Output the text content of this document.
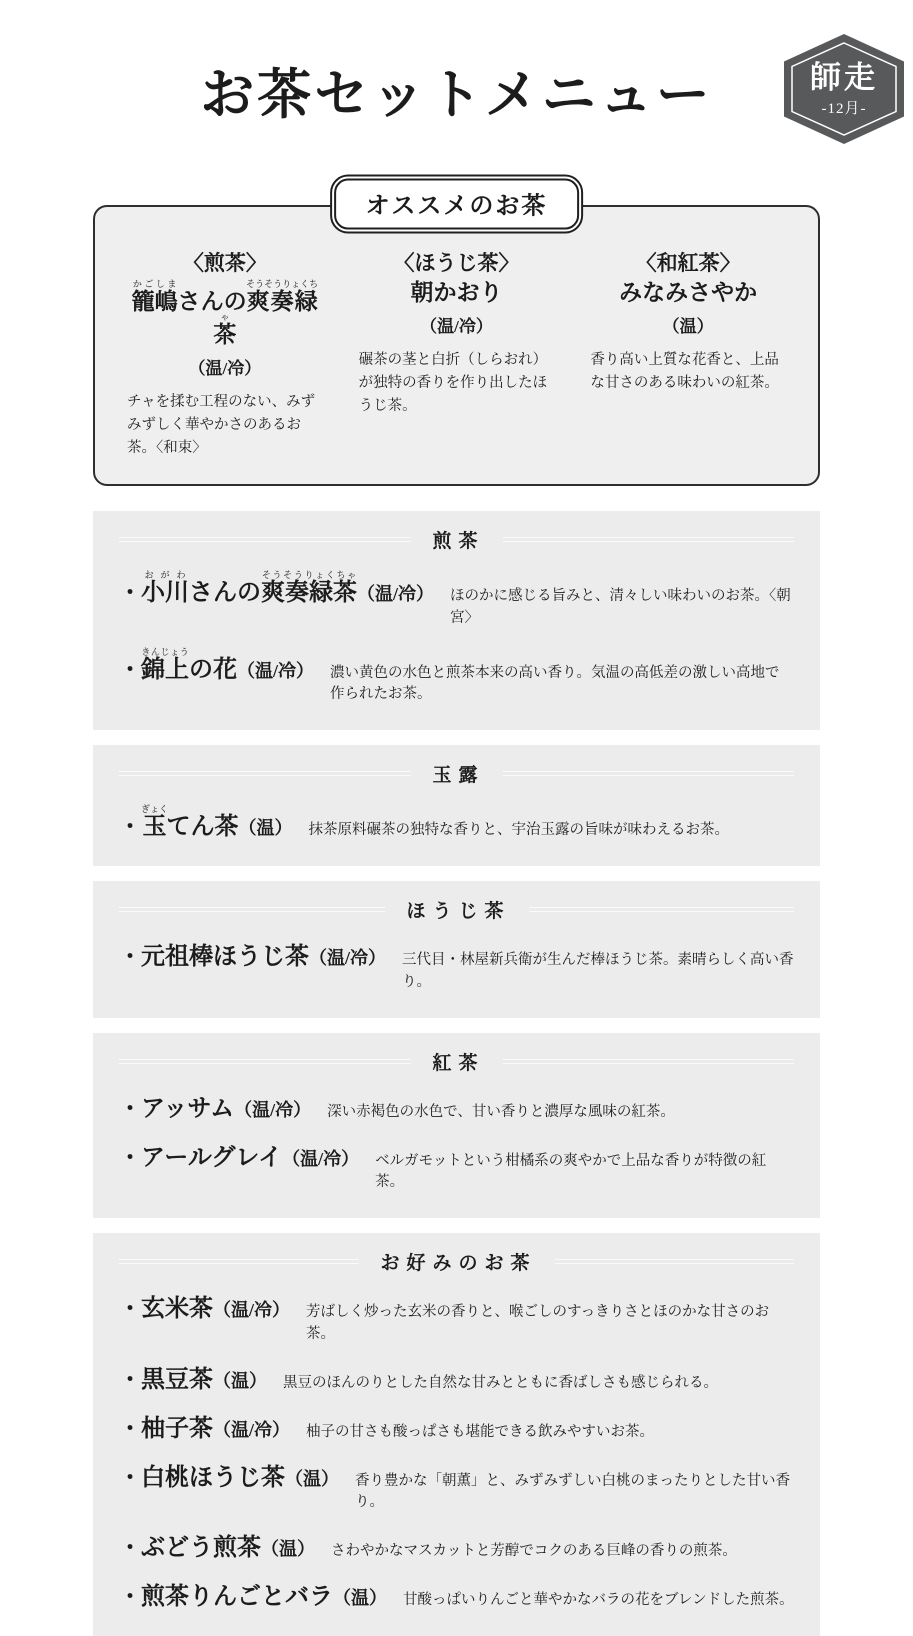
お茶セットメニュー	師走
-12月-
オススメのお茶
〈煎茶〉
籠嶋かごしまさんの爽奏緑茶そうそうりょくちゃ
（温/冷）
チャを揉む工程のない、みずみずしく華やかさのあるお茶。〈和束〉
〈ほうじ茶〉
朝かおり
（温/冷）
碾茶の茎と白折（しらおれ）が独特の香りを作り出したほうじ茶。
〈和紅茶〉
みなみさやか
（温）
香り高い上質な花香と、上品な甘さのある味わいの紅茶。
煎茶
・ 小川おがわさんの爽奏緑茶そうそうりょくちゃ
（温/冷） ほのかに感じる旨みと、清々しい味わいのお茶。〈朝宮〉
・ 錦上きんじょうの花 （温/冷） 濃い黄色の水色と煎茶本来の高い香り。気温の高低差の激しい高地で作られたお茶。
玉露
・ 玉ぎょくてん茶 （温） 抹茶原料碾茶の独特な香りと、宇治玉露の旨味が味わえるお茶。
ほうじ茶
・ 元祖棒ほうじ茶 （温/冷） 三代目・林屋新兵衛が生んだ棒ほうじ茶。素晴らしく高い香り。
紅茶
・ アッサム （温/冷） 深い赤褐色の水色で、甘い香りと濃厚な風味の紅茶。
・ アールグレイ （温/冷） ベルガモットという柑橘系の爽やかで上品な香りが特徴の紅茶。
お好みのお茶
・ 玄米茶 （温/冷） 芳ばしく炒った玄米の香りと、喉ごしのすっきりさとほのかな甘さのお茶。
・ 黒豆茶 （温） 黒豆のほんのりとした自然な甘みとともに香ばしさも感じられる。
・ 柚子茶 （温/冷） 柚子の甘さも酸っぱさも堪能できる飲みやすいお茶。
・ 白桃ほうじ茶 （温） 香り豊かな「朝薫」と、みずみずしい白桃のまったりとした甘い香り。
・ ぶどう煎茶 （温） さわやかなマスカットと芳醇でコクのある巨峰の香りの煎茶。
・ 煎茶りんごとバラ （温） 甘酸っぱいりんごと華やかなバラの花をブレンドした煎茶。
